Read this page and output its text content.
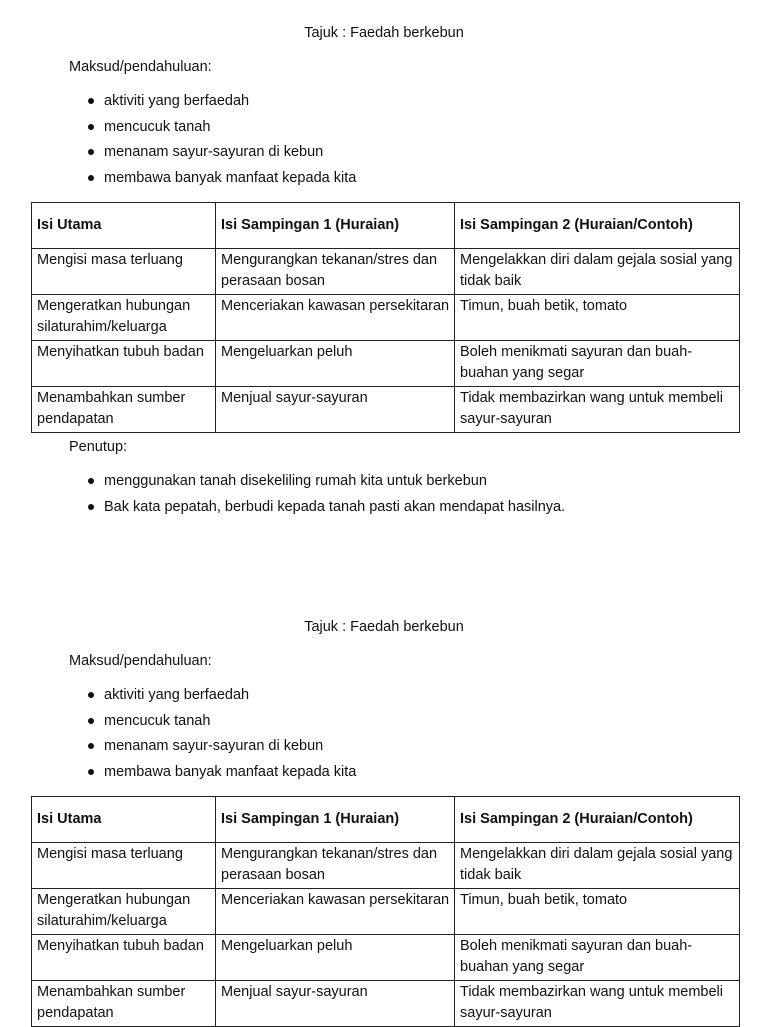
Tajuk : Faedah berkebun
Maksud/pendahuluan:
aktiviti yang berfaedah
mencucuk tanah
menanam sayur-sayuran di kebun
membawa banyak manfaat kepada kita
Isi Utama	Isi Sampingan 1 (Huraian)	Isi Sampingan 2 (Huraian/Contoh)
Mengisi masa terluang	Mengurangkan tekanan/stres dan perasaan bosan	Mengelakkan diri dalam gejala sosial yang tidak baik
Mengeratkan hubungan silaturahim/keluarga	Menceriakan kawasan persekitaran	Timun, buah betik, tomato
Menyihatkan tubuh badan	Mengeluarkan peluh	Boleh menikmati sayuran dan buah-buahan yang segar
Menambahkan sumber pendapatan	Menjual sayur-sayuran	Tidak membazirkan wang untuk membeli sayur-sayuran
Penutup:
menggunakan tanah disekeliling rumah kita untuk berkebun
Bak kata pepatah, berbudi kepada tanah pasti akan mendapat hasilnya.
Tajuk : Faedah berkebun
Maksud/pendahuluan:
aktiviti yang berfaedah
mencucuk tanah
menanam sayur-sayuran di kebun
membawa banyak manfaat kepada kita
Isi Utama	Isi Sampingan 1 (Huraian)	Isi Sampingan 2 (Huraian/Contoh)
Mengisi masa terluang	Mengurangkan tekanan/stres dan perasaan bosan	Mengelakkan diri dalam gejala sosial yang tidak baik
Mengeratkan hubungan silaturahim/keluarga	Menceriakan kawasan persekitaran	Timun, buah betik, tomato
Menyihatkan tubuh badan	Mengeluarkan peluh	Boleh menikmati sayuran dan buah-buahan yang segar
Menambahkan sumber pendapatan	Menjual sayur-sayuran	Tidak membazirkan wang untuk membeli sayur-sayuran
